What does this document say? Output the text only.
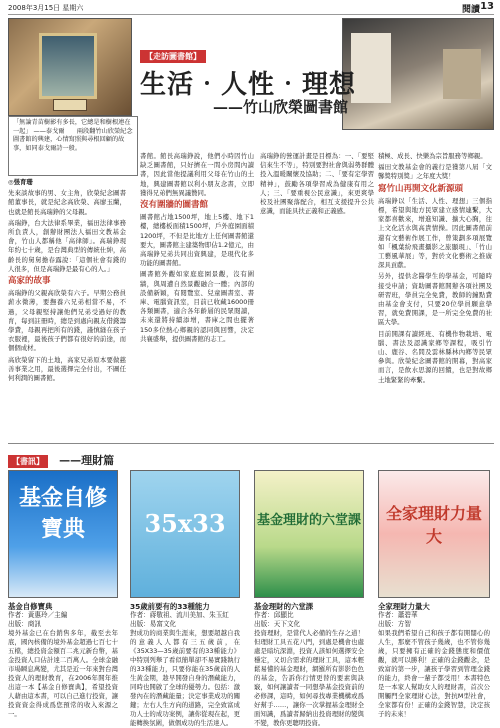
2008年3月15日 星期六	閱讀 13
【走訪圖書館】
生活‧人性‧理想
——竹山欣榮圖書館
「無論青苗樹影有多長，它總是和樹根連在一起」 ——泰戈爾　　兩段翻竹山欣榮紀念圖書館的興建，心情寫照與尋根回顧的故事，如同泰戈爾詩一般。
◎張育珊

先來談故事的男、女主角，欣榮紀念圖書館董事長，就是紀念高欣榮、高廖玉蘭，也就是館長高瑞錚的父母親。

高瑞錚，台大法律系畢業，福田法律事務所負責人，創辦財團法人福田文教基金會，竹山人都稱他「高律師」。高瑞錚現年約七十歲，是台灣典型的傳統仕紳，高齡長的舅舅擔春露說：「這個社會有錢的人很多，但是高瑞錚是最有心的人。」

高家的故事

高瑞錚的父親高欣榮有六子。早期公務員薪水微薄，要撫養六兄弟相當不易，不過，父母親堅持讓他們兄弟受過好的教育，每到註冊時，總是到處向親友借錢籌學費，母親再把所有的錢，謹慎縫在孩子衣服裡，最後孩子們都有很好的前途，而個個成材。

高欣榮留下的土地，高家兄弟原本要做慈善事業之用，最後選擇完全付出，不圖任何利潤的圖書館。

書館。館長高瑞錚說，他們小時因竹山缺乏圖書館，只好擠在一間小房間內讀書，因此當他提議利用父母在竹山的土地，興建圖書館以利小朋友念書，立即獲得兄弟們無異議贊同。

沒有圍牆的圖書館

圖書館占地1500坪，地上5樓、地下1樓，總樓板面積1500坪，戶外庭園面積1200坪，不但是比地方上任何圖書館還要大，圖書館主建築物即佔1.2億元，由高瑞錚兄弟共同出資興建，是現代化多功能的圖書館。

圖書館外觀如家庭庭園景觀，沒有圍牆，與周遭自然景觀融合一體；內部的設備新穎，有閱覽室、兒童圖書室、書庫、電腦資訊室，目前已收藏16000冊各類圖書，適合各年齡層的民眾閱讀，未來還將持續添增，書庫之間也擺著150多位熱心鄉親的認同與回響，決定共襄盛舉，提供圖書館的志工。

高瑞錚的營運計畫是目標為：一、「要堅信來生不等」，特別要對社會與弱勢群體投入溫暖關懷及協助；二、「要有定學習精神」，鼓勵各項學習成為健康有用之人；三、「要重視公民意識」，來更爽學校及社團聚落配合，相互支援提升公共意識，而能具扶正義和正義感。

積極、成長、快樂為宗旨服務等鄉親。

福田文教基金會的義行是獲第八屆「文馨獎特別獎」之年度大獎！

寫竹山再開文化新源頭

高瑞錚以「生活、人性、理想」三個指標，希望與地方民眾建立感情連繫，大家都喜歡來，增進知識、擴大心胸，往上文化活水與高貴情操。因此圖書館前還有文藝術作展工作，曾策劃多項展覽如「楓葉紛飛畫攝影之旅顯現」、「竹山工藝風華展」等，對於文化藝術之推廣深具貢獻。

另外，提供念醫學生的學基金，可隨時接受申請；資助圖書館開辦各項社團及研習班，學員完全免費，教師的鐘點費由基金會支付，只要20位學員願意學習，就免費開課，是一所完全免費的社區大學。

目前開課有讀經班、有機作物栽培、電腦、書法及認識家鄉等課程，吸引竹山、鹿谷、名間及雲林縣林內鄉等民眾參與。欣榮紀念圖書館的開幕，對高家而言，是飲水思源的回饋，也是對故鄉土地緊緊的牽繫。

【書訊】 ——理財篇
基金自修寶典	35x33	基金理財的六堂課	全家理財力量大
基金自修寶典
作者：黃惠玲／主編
出版：商訊
境外基金已在台銷售多年，截至去年底，國內核備的境外基金超過七百七十五檔，總投資金額百二兆元新台幣，基金投資人口佔計達二百萬人。全球金融市場瞬息萬變，尤其是近一年來對台灣投資人的理財教育，在2006年開年推出這一本【基金自修寶典】，希望投資人藉由這本書，可以自己進行投資，讓投資資金得成爲您預常的收入來源之一。
35歲前要有的33種能力
作者：蔣敬祖、流川美加、朱玉紅
出版：易富文化
對成功的商業與生涯來，想要超越自我的意義人人都有三五歲前，在《35X33—35歲前要有的33種能力》中特別列舉了看似簡單卻不易實踐執行的33種能力，只要你能在35歲前的人生黃金期，趁早開發自身的潛藏能力，同時也開啟了全球的優勢力。包括：激發內在的潛藏能量；決定事業成功的關鍵；左右人生方向的道路，完全致富成功人士的成功案例，讓你從現在起，更能轉換氛圍，做個成功的生活達人。
基金理財的六堂課
作者：邱顯比
出版：天下文化
投資理財，是當代人必備的生存之道！但理財工具五花八門，到處是機會也處處是暗坑深淵，投資人該如何選擇安全穩定，又切合需求的理財工具，這本輕鬆易懂的基金理財，網羅所有影影色色的基金，告訴你行情更替的要素與訣竅，如何讓讀者一同想學基金投資前的必修課，這時，如何尋找專業機構或爲好幫手……，讓你一次掌握基金理財全面知識，爲讀者歸納出投資理財的變與不變，教你更聰明投資。
全家理財力量大
作者：蕭碧華
出版：方智
如果我們希望自己和孩子都有開闊心的人生，那麼不管孩子幾歲，也不管你幾歲，只要擁有正確的金錢態度和價值觀，就可以勝利！正確的金錢觀念，是致富的第一步，讓孩子學習到管理金錢的能力，終會一輩子都受用！本書特色是一本家人幫助女人的理財書，首次公開觸門全家理財心法，對抗M型社會，全家都有份！正確的金錢智慧，決定孩子的未來！
